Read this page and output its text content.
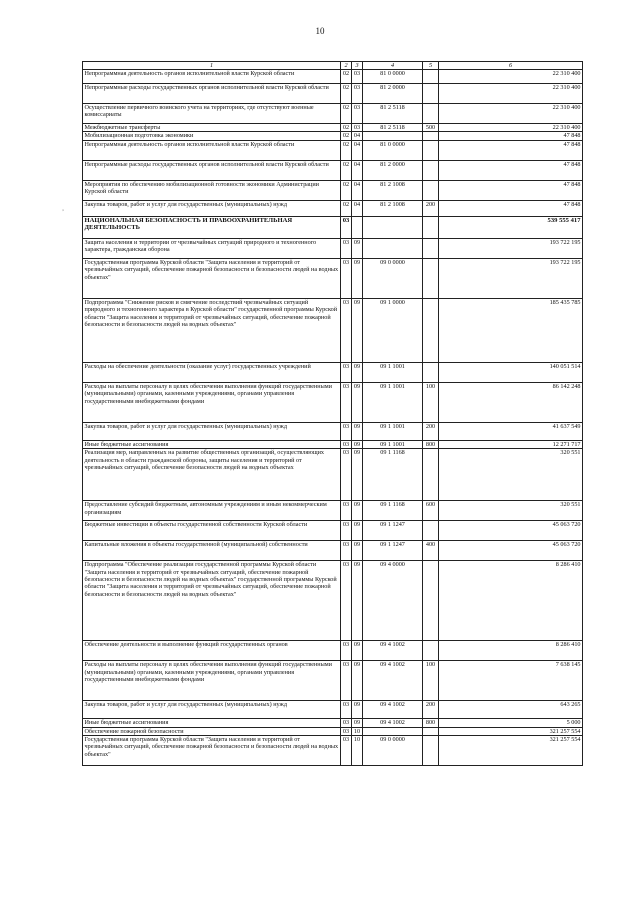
10
‚
1	2	3	4	5	6
Непрограммная деятельность органов исполнительной власти Курской области	02	03	81 0 0000		22 310 400
Непрограммные расходы государственных органов исполнительной власти Курской области	02	03	81 2 0000		22 310 400
Осуществление первичного воинского учета на территориях, где отсутствуют военные комиссариаты	02	03	81 2 5118		22 310 400
Межбюджетные трансферты	02	03	81 2 5118	500	22 310 400
Мобилизационная подготовка экономики	02	04			47 848
Непрограммная деятельность органов исполнительной власти Курской области	02	04	81 0 0000		47 848
Непрограммные расходы государственных органов исполнительной власти Курской области	02	04	81 2 0000		47 848
Мероприятия по обеспечению мобилизационной готовности экономики Администрации Курской области	02	04	81 2 1008		47 848
Закупка товаров, работ и услуг для государственных (муниципальных) нужд	02	04	81 2 1008	200	47 848
НАЦИОНАЛЬНАЯ БЕЗОПАСНОСТЬ И ПРАВООХРАНИТЕЛЬНАЯ ДЕЯТЕЛЬНОСТЬ	03				539 555 417
Защита населения и территории от чрезвычайных ситуаций природного и техногенного характера, гражданская оборона	03	09			193 722 195
Государственная программа Курской области "Защита населения и территорий от чрезвычайных ситуаций, обеспечение пожарной безопасности и безопасности людей на водных объектах"	03	09	09 0 0000		193 722 195
Подпрограмма "Снижение рисков и смягчение последствий чрезвычайных ситуаций природного и техногенного характера в Курской области" государственной программы Курской области "Защита населения и территорий от чрезвычайных ситуаций, обеспечение пожарной безопасности и безопасности людей на водных объектах"	03	09	09 1 0000		185 435 785
Расходы на обеспечение деятельности (оказание услуг) государственных учреждений	03	09	09 1 1001		140 051 514
Расходы на выплаты персоналу в целях обеспечения выполнения функций государственными (муниципальными) органами, казенными учреждениями, органами управления государственными внебюджетными фондами	03	09	09 1 1001	100	86 142 248
Закупка товаров, работ и услуг для государственных (муниципальных) нужд	03	09	09 1 1001	200	41 637 549
Иные бюджетные ассигнования	03	09	09 1 1001	800	12 271 717
Реализация мер, направленных на развитие общественных организаций, осуществляющих деятельность в области гражданской обороны, защиты населения и территорий от чрезвычайных ситуаций, обеспечение безопасности людей на водных объектах	03	09	09 1 1168		320 551
Предоставление субсидий бюджетным, автономным учреждениям и иным некоммерческим организациям	03	09	09 1 1168	600	320 551
Бюджетные инвестиции в объекты государственной собственности Курской области	03	09	09 1 1247		45 063 720
Капитальные вложения в объекты государственной (муниципальной) собственности	03	09	09 1 1247	400	45 063 720
Подпрограмма "Обеспечение реализации государственной программы Курской области "Защита населения и территорий от чрезвычайных ситуаций, обеспечение пожарной безопасности и безопасности людей на водных объектах" государственной программы Курской области "Защита населения и территорий от чрезвычайных ситуаций, обеспечение пожарной безопасности и безопасности людей на водных объектах"	03	09	09 4 0000		8 286 410
Обеспечение деятельности и выполнение функций государственных органов	03	09	09 4 1002		8 286 410
Расходы на выплаты персоналу в целях обеспечения выполнения функций государственными (муниципальными) органами, казенными учреждениями, органами управления государственными внебюджетными фондами	03	09	09 4 1002	100	7 638 145
Закупка товаров, работ и услуг для государственных (муниципальных) нужд	03	09	09 4 1002	200	643 265
Иные бюджетные ассигнования	03	09	09 4 1002	800	5 000
Обеспечение пожарной безопасности	03	10			321 257 554
Государственная программа Курской области "Защита населения и территорий от чрезвычайных ситуаций, обеспечение пожарной безопасности и безопасности людей на водных объектах"	03	10	09 0 0000		321 257 554
